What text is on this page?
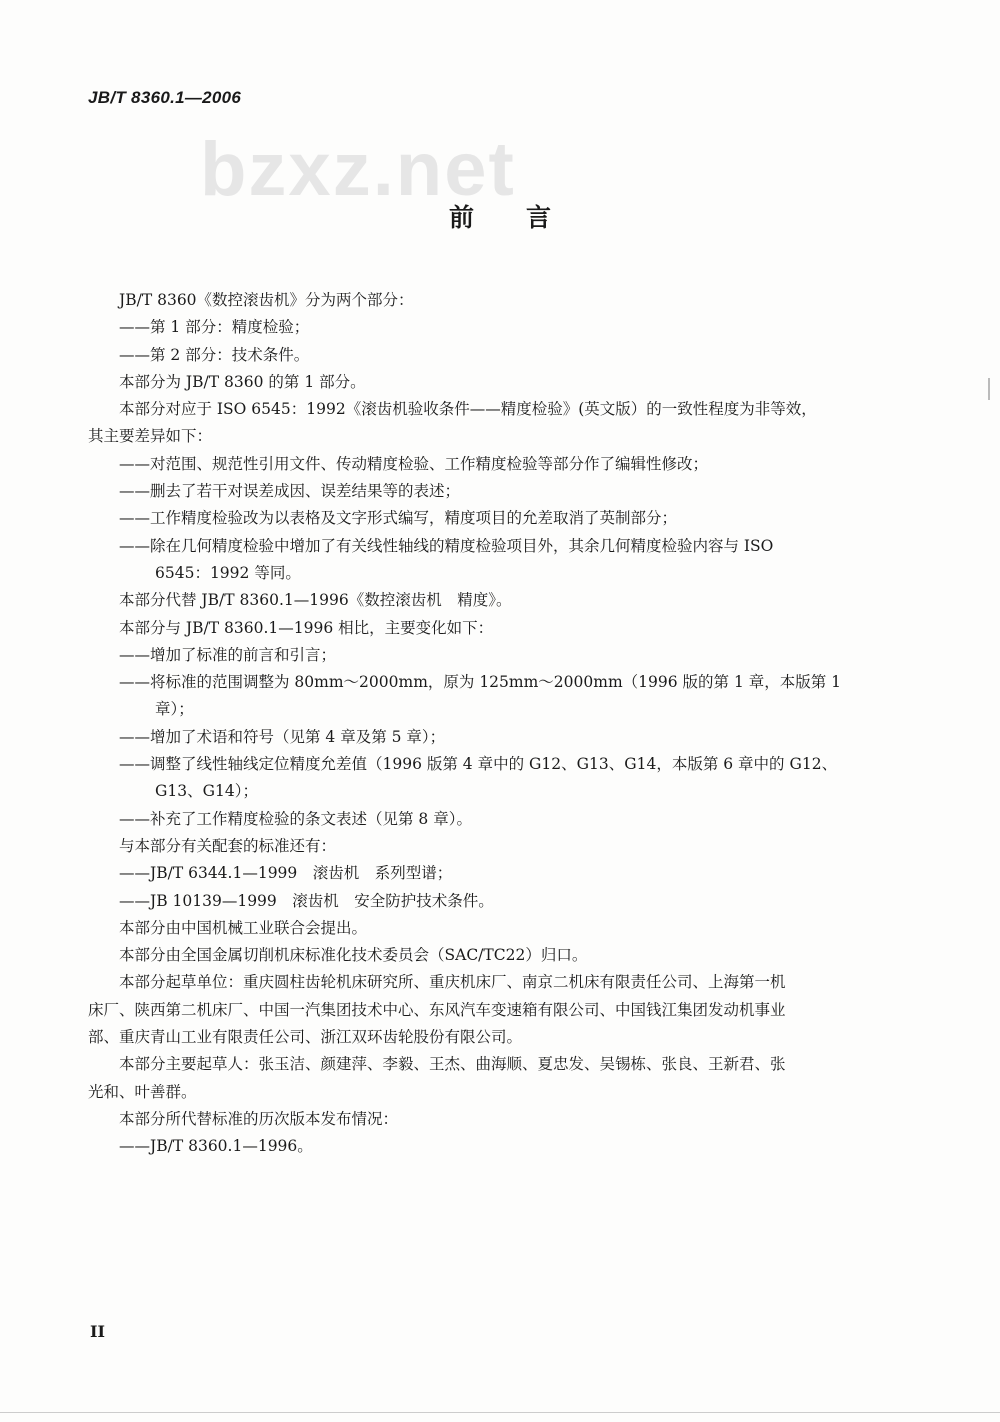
JB/T 8360.1—2006
bzxz.net
前言

JB/T 8360《数控滚齿机》分为两个部分：

——第 1 部分：精度检验；

——第 2 部分：技术条件。

本部分为 JB/T 8360 的第 1 部分。

本部分对应于 ISO 6545：1992《滚齿机验收条件——精度检验》(英文版）的一致性程度为非等效，

其主要差异如下：

——对范围、规范性引用文件、传动精度检验、工作精度检验等部分作了编辑性修改；

——删去了若干对误差成因、误差结果等的表述；

——工作精度检验改为以表格及文字形式编写，精度项目的允差取消了英制部分；

——除在几何精度检验中增加了有关线性轴线的精度检验项目外，其余几何精度检验内容与 ISO

6545：1992 等同。

本部分代替 JB/T 8360.1—1996《数控滚齿机　精度》。

本部分与 JB/T 8360.1—1996 相比，主要变化如下：

——增加了标准的前言和引言；

——将标准的范围调整为 80mm～2000mm，原为 125mm～2000mm（1996 版的第 1 章，本版第 1

章）；

——增加了术语和符号（见第 4 章及第 5 章）；

——调整了线性轴线定位精度允差值（1996 版第 4 章中的 G12、G13、G14，本版第 6 章中的 G12、

G13、G14）；

——补充了工作精度检验的条文表述（见第 8 章）。

与本部分有关配套的标准还有：

——JB/T 6344.1—1999　滚齿机　系列型谱；

——JB 10139—1999　滚齿机　安全防护技术条件。

本部分由中国机械工业联合会提出。

本部分由全国金属切削机床标准化技术委员会（SAC/TC22）归口。

本部分起草单位：重庆圆柱齿轮机床研究所、重庆机床厂、南京二机床有限责任公司、上海第一机

床厂、陕西第二机床厂、中国一汽集团技术中心、东风汽车变速箱有限公司、中国钱江集团发动机事业

部、重庆青山工业有限责任公司、浙江双环齿轮股份有限公司。

本部分主要起草人：张玉洁、颜建萍、李毅、王杰、曲海顺、夏忠发、吴锡栋、张良、王新君、张

光和、叶善群。

本部分所代替标准的历次版本发布情况：

——JB/T 8360.1—1996。

II
